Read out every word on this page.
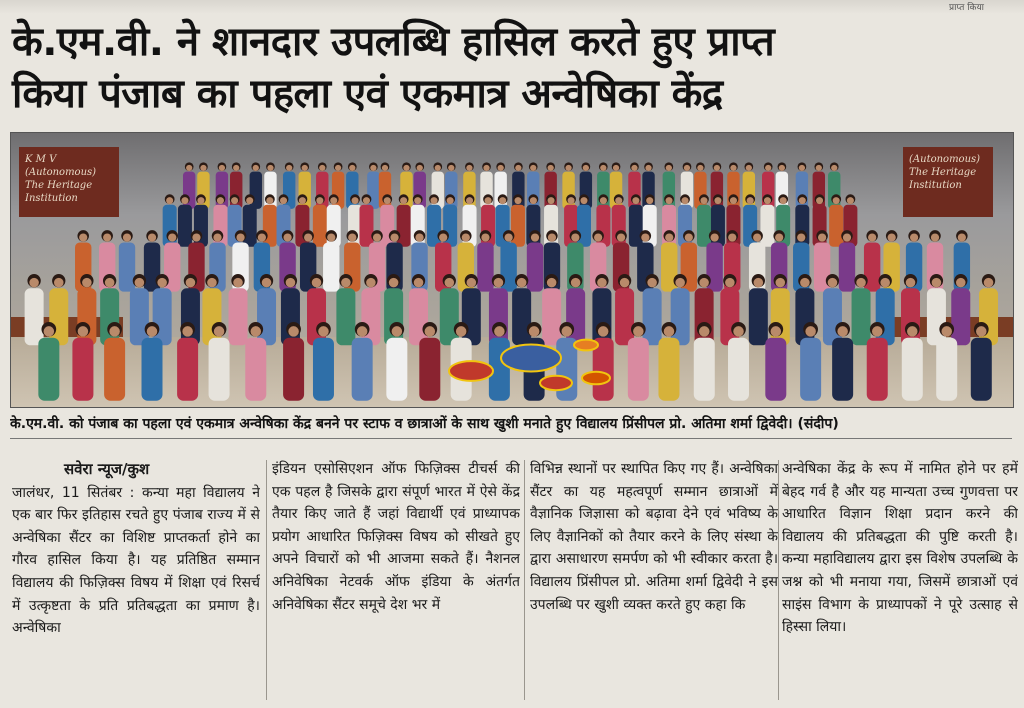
प्राप्त किया
के.एम.वी. ने शानदार उपलब्धि हासिल करते हुए प्राप्त
किया पंजाब का पहला एवं एकमात्र अन्वेषिका केंद्र
K M V (Autonomous) The Heritage Institution
(Autonomous) The Heritage Institution
के.एम.वी. को पंजाब का पहला एवं एकमात्र अन्वेषिका केंद्र बनने पर स्टाफ व छात्राओं के साथ खुशी मनाते हुए विद्यालय प्रिंसीपल प्रो. अतिमा शर्मा द्विवेदी। (संदीप)

सवेरा न्यूज/कुश

जालंधर, 11 सितंबर : कन्या महा विद्यालय ने एक बार फिर इतिहास रचते हुए पंजाब राज्य में से अन्वेषिका सैंटर का विशिष्ट प्राप्तकर्ता होने का गौरव हासिल किया है। यह प्रतिष्ठित सम्मान विद्यालय की फिज़िक्स विषय में शिक्षा एवं रिसर्च में उत्कृष्टता के प्रति प्रतिबद्धता का प्रमाण है। अन्वेषिका

इंडियन एसोसिएशन ऑफ फिज़िक्स टीचर्स की एक पहल है जिसके द्वारा संपूर्ण भारत में ऐसे केंद्र तैयार किए जाते हैं जहां विद्यार्थी एवं प्राध्यापक प्रयोग आधारित फिज़िक्स विषय को सीखते हुए अपने विचारों को भी आजमा सकते हैं। नैशनल अनिवेषिका नेटवर्क ऑफ इंडिया के अंतर्गत अनिवेषिका सैंटर समूचे देश भर में

विभिन्न स्थानों पर स्थापित किए गए हैं। अन्वेषिका सैंटर का यह महत्वपूर्ण सम्मान छात्राओं में वैज्ञानिक जिज्ञासा को बढ़ावा देने एवं भविष्य के लिए वैज्ञानिकों को तैयार करने के लिए संस्था के द्वारा असाधारण समर्पण को भी स्वीकार करता है। विद्यालय प्रिंसीपल प्रो. अतिमा शर्मा द्विवेदी ने इस उपलब्धि पर खुशी व्यक्त करते हुए कहा कि

अन्वेषिका केंद्र के रूप में नामित होने पर हमें बेहद गर्व है और यह मान्यता उच्च गुणवत्ता पर आधारित विज्ञान शिक्षा प्रदान करने की विद्यालय की प्रतिबद्धता की पुष्टि करती है। कन्या महाविद्यालय द्वारा इस विशेष उपलब्धि के जश्न को भी मनाया गया, जिसमें छात्राओं एवं साइंस विभाग के प्राध्यापकों ने पूरे उत्साह से हिस्सा लिया।
